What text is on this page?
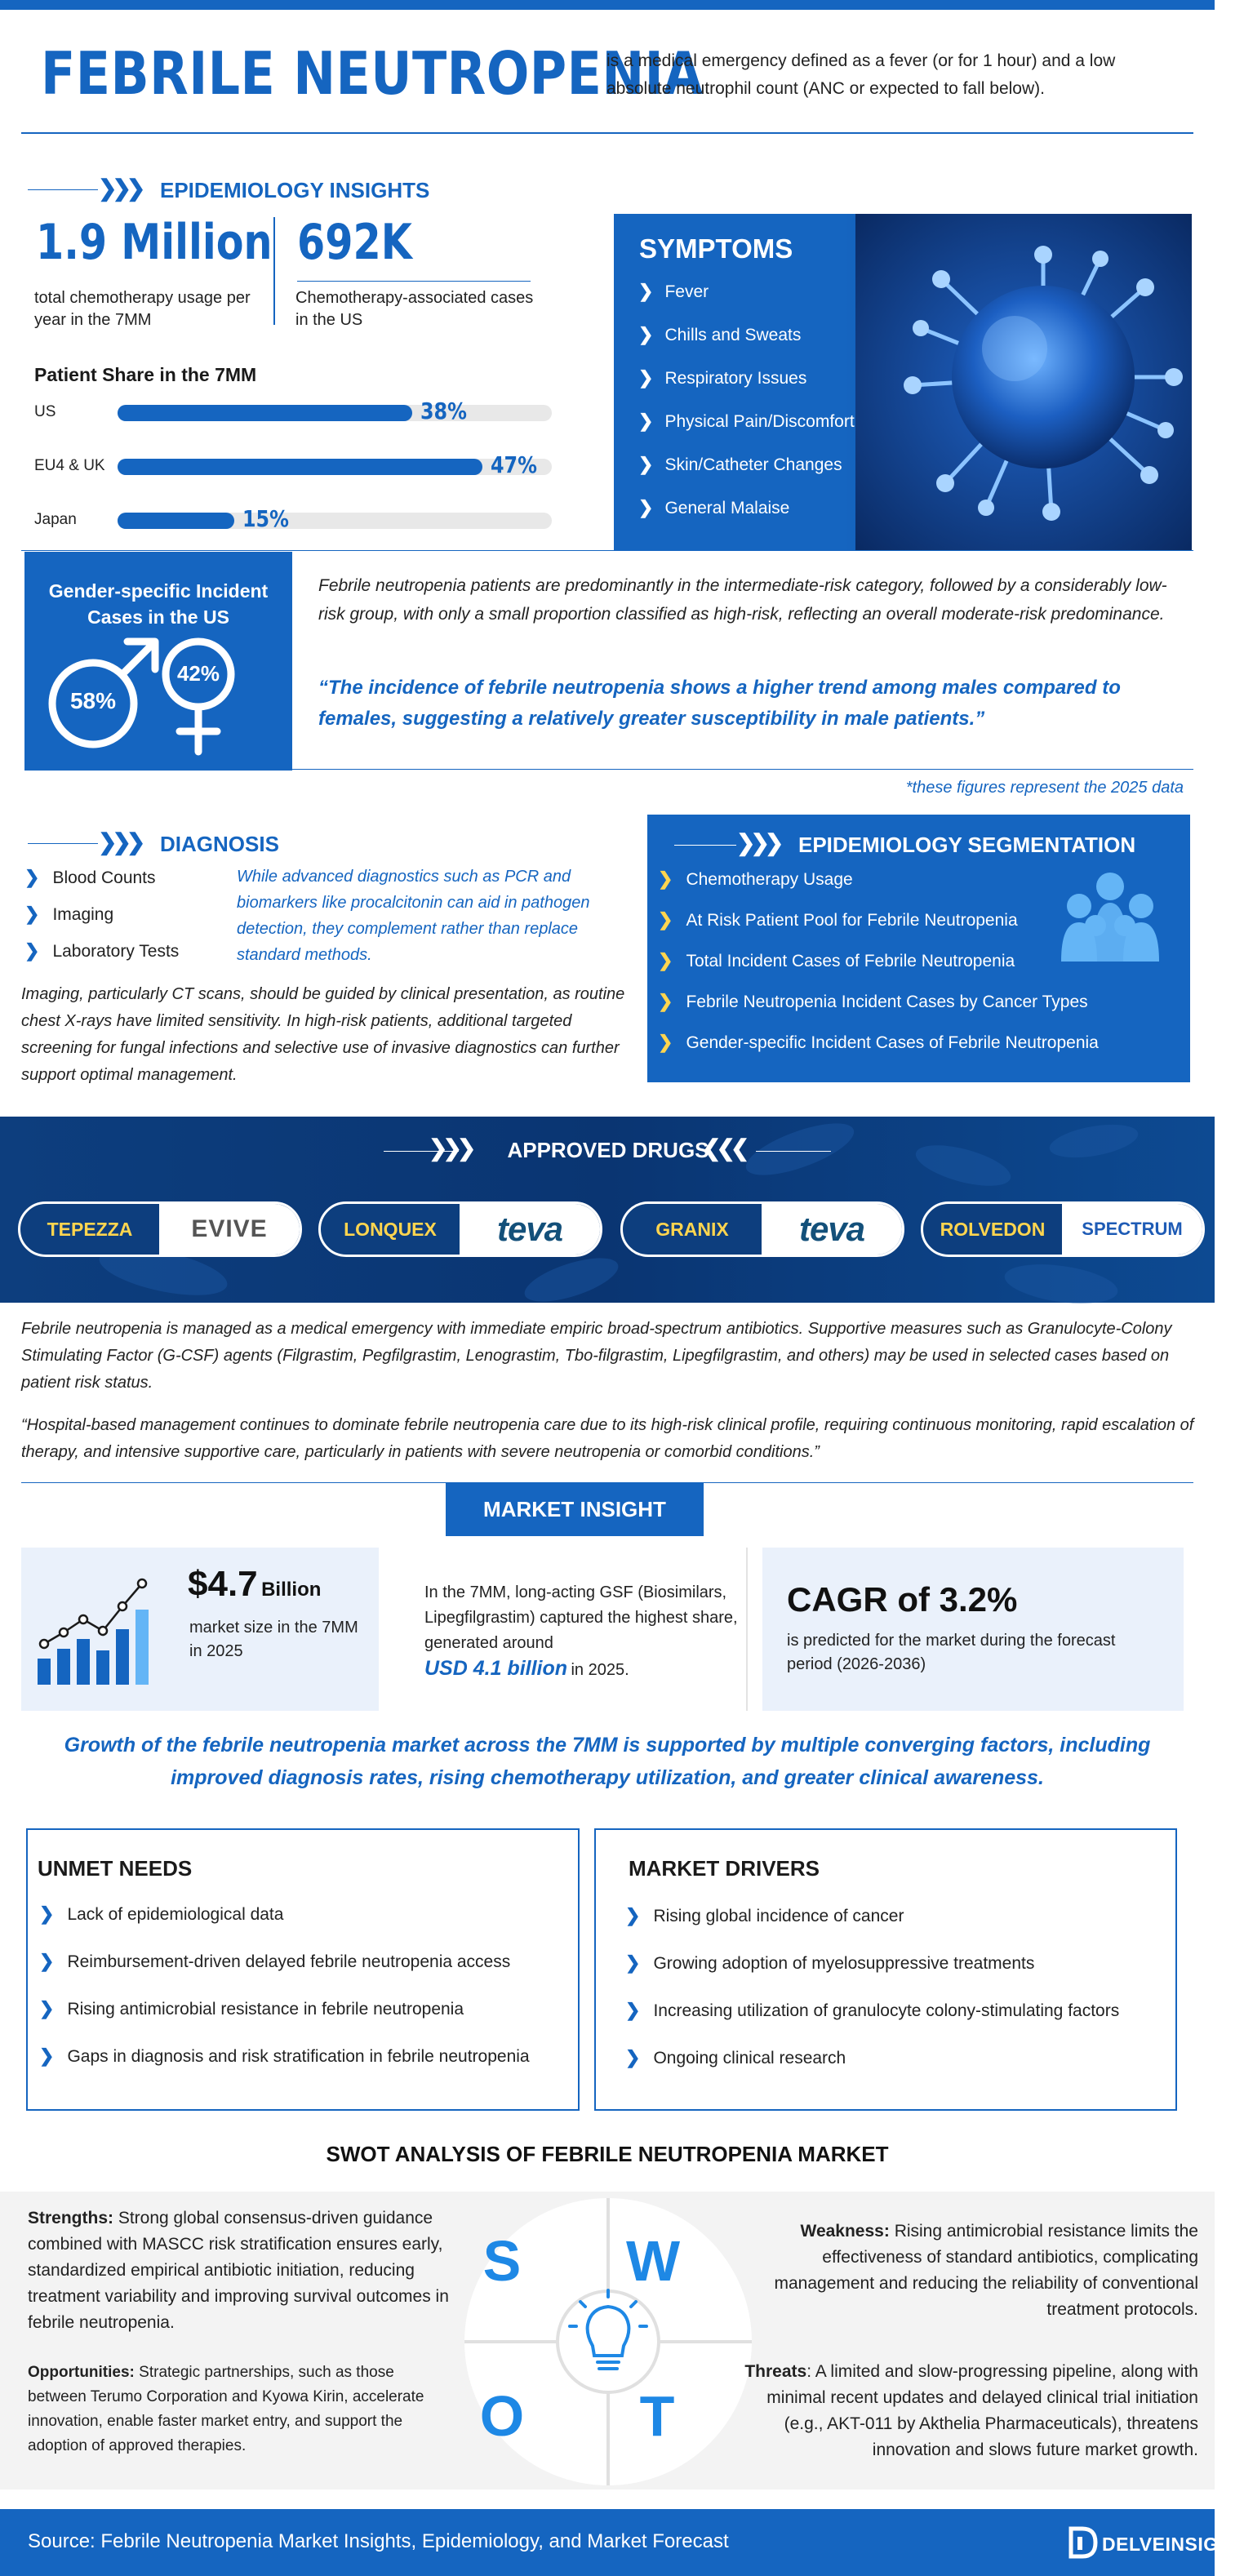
FEBRILE NEUTROPENIA
is a medical emergency defined as a fever (or for 1 hour) and a low absolute neutrophil count (ANC or expected to fall below).
❯❯❯ EPIDEMIOLOGY INSIGHTS
1.9 Million
total chemotherapy usage per year in the 7MM
692K
Chemotherapy-associated cases in the US
Patient Share in the 7MM
US	38%
EU4 & UK	47%
Japan	15%
SYMPTOMS
❯ Fever
❯ Chills and Sweats
❯ Respiratory Issues
❯ Physical Pain/Discomfort
❯ Skin/Catheter Changes
❯ General Malaise
Gender-specific Incident Cases in the US
58%
42%
Febrile neutropenia patients are predominantly in the intermediate-risk category, followed by a considerably low-risk group, with only a small proportion classified as high-risk, reflecting an overall moderate-risk predominance.
“The incidence of febrile neutropenia shows a higher trend among males compared to females, suggesting a relatively greater susceptibility in male patients.”
*these figures represent the 2025 data
❯❯❯ DIAGNOSIS
❯ Blood Counts
❯ Imaging
❯ Laboratory Tests
While advanced diagnostics such as PCR and biomarkers like procalcitonin can aid in pathogen detection, they complement rather than replace standard methods.
Imaging, particularly CT scans, should be guided by clinical presentation, as routine chest X-rays have limited sensitivity. In high-risk patients, additional targeted screening for fungal infections and selective use of invasive diagnostics can further support optimal management.
❯❯❯ EPIDEMIOLOGY SEGMENTATION
❯ Chemotherapy Usage
❯ At Risk Patient Pool for Febrile Neutropenia
❯ Total Incident Cases of Febrile Neutropenia
❯ Febrile Neutropenia Incident Cases by Cancer Types
❯ Gender-specific Incident Cases of Febrile Neutropenia
❯❯❯	APPROVED DRUGS
❮❮❮
TEPEZZA	EVIVE	LONQUEX	teva	GRANIX	teva	ROLVEDON	SPECTRUM
Febrile neutropenia is managed as a medical emergency with immediate empiric broad-spectrum antibiotics. Supportive measures such as Granulocyte-Colony Stimulating Factor (G-CSF) agents (Filgrastim, Pegfilgrastim, Lenograstim, Tbo-filgrastim, Lipegfilgrastim, and others) may be used in selected cases based on patient risk status.
“Hospital-based management continues to dominate febrile neutropenia care due to its high-risk clinical profile, requiring continuous monitoring, rapid escalation of therapy, and intensive supportive care, particularly in patients with severe neutropenia or comorbid conditions.”
MARKET INSIGHT
$4.7 Billion
market size in the 7MM in 2025
In the 7MM, long-acting GSF (Biosimilars, Lipegfilgrastim) captured the highest share, generated around
USD 4.1 billion in 2025.
CAGR of 3.2%
is predicted for the market during the forecast period (2026-2036)
Growth of the febrile neutropenia market across the 7MM is supported by multiple converging factors, including improved diagnosis rates, rising chemotherapy utilization, and greater clinical awareness.
UNMET NEEDS
❯ Lack of epidemiological data
❯ Reimbursement-driven delayed febrile neutropenia access
❯ Rising antimicrobial resistance in febrile neutropenia
❯ Gaps in diagnosis and risk stratification in febrile neutropenia
MARKET DRIVERS
❯ Rising global incidence of cancer
❯ Growing adoption of myelosuppressive treatments
❯ Increasing utilization of granulocyte colony-stimulating factors
❯ Ongoing clinical research
SWOT ANALYSIS OF FEBRILE NEUTROPENIA MARKET
S W
O T
Strengths: Strong global consensus-driven guidance combined with MASCC risk stratification ensures early, standardized empirical antibiotic initiation, reducing treatment variability and improving survival outcomes in febrile neutropenia.
Weakness: Rising antimicrobial resistance limits the effectiveness of standard antibiotics, complicating management and reducing the reliability of conventional treatment protocols.
Opportunities: Strategic partnerships, such as those between Terumo Corporation and Kyowa Kirin, accelerate innovation, enable faster market entry, and support the adoption of approved therapies.
Threats: A limited and slow-progressing pipeline, along with minimal recent updates and delayed clinical trial initiation (e.g., AKT-011 by Akthelia Pharmaceuticals), threatens innovation and slows future market growth.
Source: Febrile Neutropenia Market Insights, Epidemiology, and Market Forecast	DELVEINSIGHT
